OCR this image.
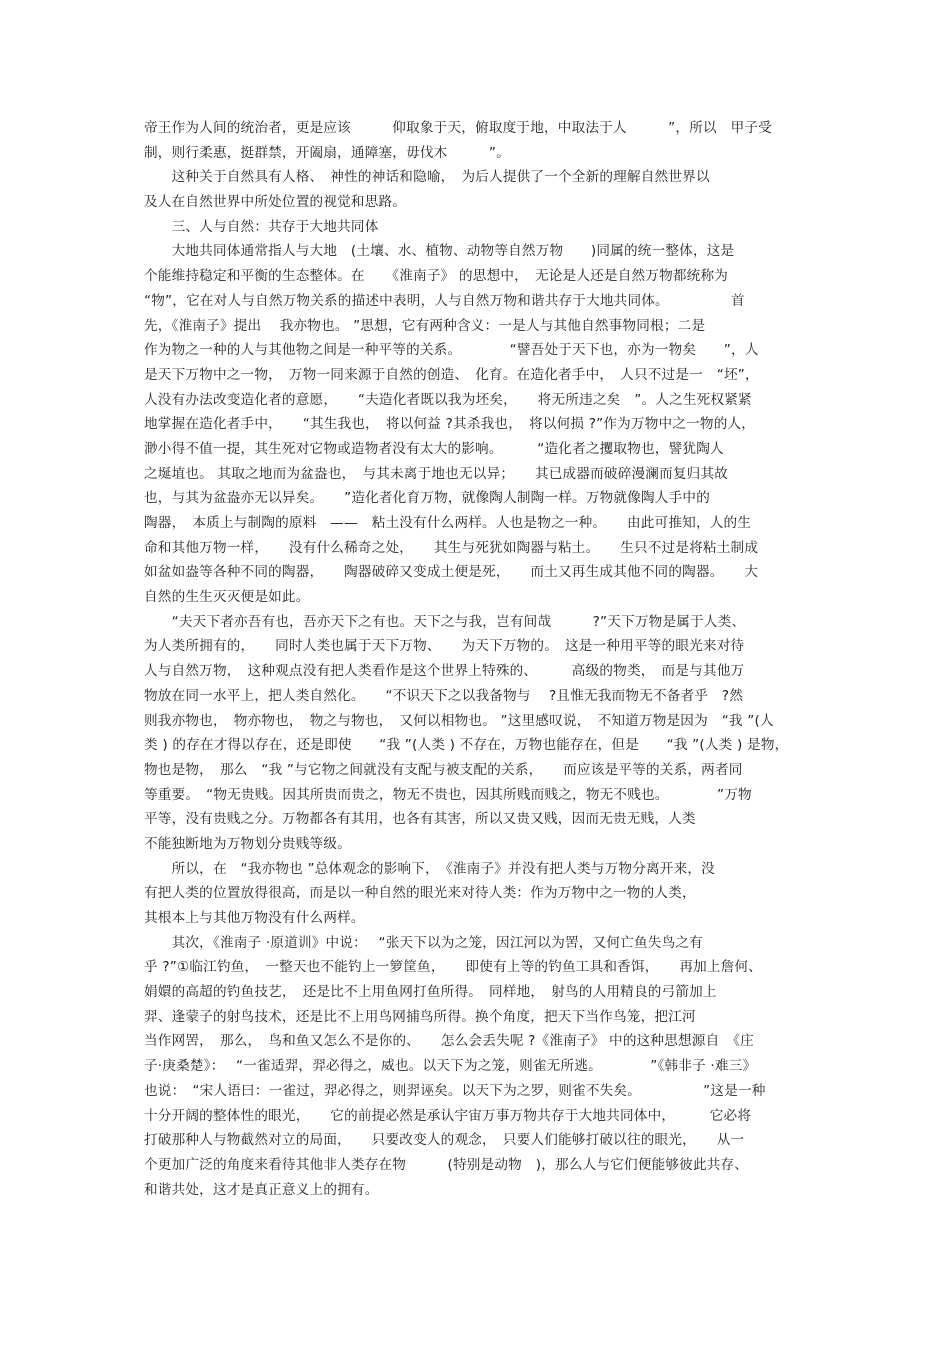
帝王作为人间的统治者，更是应该　　　仰取象于天，俯取度于地，中取法于人　　　”，所以　甲子受
制，则行柔惠，挺群禁，开阖扇，通障塞，毋伐木　　　”。
　　这种关于自然具有人格、　神性的神话和隐喻，　为后人提供了一个全新的理解自然世界以
及人在自然世界中所处位置的视觉和思路。
　　三、人与自然：共存于大地共同体
　　大地共同体通常指人与大地　(土壤、水、植物、动物等自然万物　　)同属的统一整体，这是
个能维持稳定和平衡的生态整体。在　　《淮南子》 的思想中，　无论是人还是自然万物都统称为
“物”，它在对人与自然万物关系的描述中表明，人与自然万物和谐共存于大地共同体。　　　　　首
先，《淮南子》提出　 我亦物也。 ”思想，它有两种含义：一是人与其他自然事物同根；二是
作为物之一种的人与其他物之间是一种平等的关系。　　　　“譬吾处于天下也，亦为一物矣　　”，人
是天下万物中之一物，　万物一同来源于自然的创造、　化育。在造化者手中，　人只不过是一　“坯”，
人没有办法改变造化者的意愿，　　“夫造化者既以我为坯矣，　　将无所违之矣　”。人之生死权紧紧
地掌握在造化者手中，　　“其生我也，　将以何益 ?其杀我也，　将以何损 ?”作为万物中之一物的人，
渺小得不值一提，其生死对它物或造物者没有太大的影响。　　　“造化者之攫取物也，譬犹陶人
之埏埴也。 其取之地而为盆盎也，　与其未离于地也无以异；　　其已成器而破碎漫澜而复归其故
也，与其为盆盎亦无以异矣。　　”造化者化育万物，就像陶人制陶一样。万物就像陶人手中的
陶器，　本质上与制陶的原料　——　粘土没有什么两样。人也是物之一种。　　由此可推知，人的生
命和其他万物一样，　　没有什么稀奇之处，　　其生与死犹如陶器与粘土。　　生只不过是将粘土制成
如盆如盎等各种不同的陶器，　　陶器破碎又变成土便是死，　　而土又再生成其他不同的陶器。　　大
自然的生生灭灭便是如此。
　　“夫天下者亦吾有也，吾亦天下之有也。天下之与我，岂有间哉　　　?”天下万物是属于人类、
为人类所拥有的，　　同时人类也属于天下万物、　　为天下万物的。　这是一种用平等的眼光来对待
人与自然万物，　这种观点没有把人类看作是这个世界上特殊的、　　　高级的物类，　而是与其他万
物放在同一水平上，把人类自然化。　　“不识天下之以我备物与　 ?且惟无我而物无不备者乎　?然
则我亦物也，　物亦物也，　物之与物也，　又何以相物也。 ”这里感叹说，　不知道万物是因为　“我 ”(人
类 ) 的存在才得以存在，还是即使　　“我 ”(人类 ) 不存在，万物也能存在，但是　　“我 ”(人类 ) 是物，
物也是物，　那么　“我 ”与它物之间就没有支配与被支配的关系，　　而应该是平等的关系，两者同
等重要。　“物无贵贱。因其所贵而贵之，物无不贵也，因其所贱而贱之，物无不贱也。　　　　”万物
平等，没有贵贱之分。万物都各有其用，也各有其害，所以又贵又贱，因而无贵无贱，人类
不能独断地为万物划分贵贱等级。
　　所以，在　“我亦物也 ”总体观念的影响下，　《淮南子》并没有把人类与万物分离开来，没
有把人类的位置放得很高，而是以一种自然的眼光来对待人类：作为万物中之一物的人类，
其根本上与其他万物没有什么两样。
　　其次，《淮南子 ·原道训》中说：　 “张天下以为之笼，因江河以为罟，又何亡鱼失鸟之有
乎 ?”①临江钓鱼，　一整天也不能钓上一箩筐鱼，　　即使有上等的钓鱼工具和香饵，　　再加上詹何、
娟嬛的高超的钓鱼技艺，　还是比不上用鱼网打鱼所得。　同样地，　射鸟的人用精良的弓箭加上
羿、逢蒙子的射鸟技术，还是比不上用鸟网捕鸟所得。换个角度，把天下当作鸟笼，把江河
当作网罟，　那么，　鸟和鱼又怎么不是你的、　　怎么会丢失呢 ?《淮南子》 中的这种思想源自　《庄
子·庚桑楚》：　 “一雀适羿，羿必得之，威也。以天下为之笼，则雀无所逃。　　　　”《韩非子 ·难三》
也说：　“宋人语曰：一雀过，羿必得之，则羿诬矣。以天下为之罗，则雀不失矣。　　　　　”这是一种
十分开阔的整体性的眼光，　　它的前提必然是承认宇宙万事万物共存于大地共同体中，　　　它必将
打破那种人与物截然对立的局面，　　只要改变人的观念，　只要人们能够打破以往的眼光，　　从一
个更加广泛的角度来看待其他非人类存在物　　　(特别是动物　)，那么人与它们便能够彼此共存、
和谐共处，这才是真正意义上的拥有。
